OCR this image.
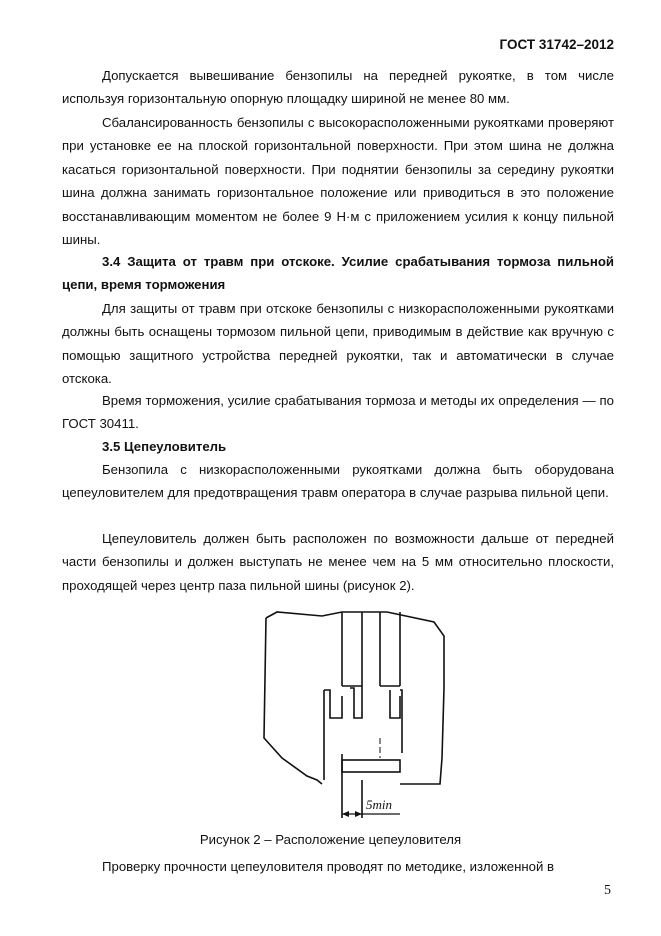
ГОСТ 31742–2012

Допускается вывешивание бензопилы на передней рукоятке, в том числе используя горизонтальную опорную площадку шириной не менее 80 мм.

Сбалансированность бензопилы с высокорасположенными рукоятками проверяют при установке ее на плоской горизонтальной поверхности. При этом шина не должна касаться горизонтальной поверхности. При поднятии бензопилы за середину рукоятки шина должна занимать горизонтальное положение или приводиться в это положение восстанавливающим моментом не более 9 Н·м с приложением усилия к концу пильной шины.

3.4 Защита от травм при отскоке. Усилие срабатывания тормоза пильной цепи, время торможения

Для защиты от травм при отскоке бензопилы с низкорасположенными рукоятками должны быть оснащены тормозом пильной цепи, приводимым в действие как вручную с помощью защитного устройства передней рукоятки, так и автоматически в случае отскока.

Время торможения, усилие срабатывания тормоза и методы их определения — по ГОСТ 30411.

3.5 Цепеуловитель

Бензопила с низкорасположенными рукоятками должна быть оборудована цепеуловителем для предотвращения травм оператора в случае разрыва пильной цепи.

Цепеуловитель должен быть расположен по возможности дальше от передней части бензопилы и должен выступать не менее чем на 5 мм относительно плоскости, проходящей через центр паза пильной шины (рисунок 2).

5min
Рисунок 2 – Расположение цепеуловителя

Проверку прочности цепеуловителя проводят по методике, изложенной в

5
